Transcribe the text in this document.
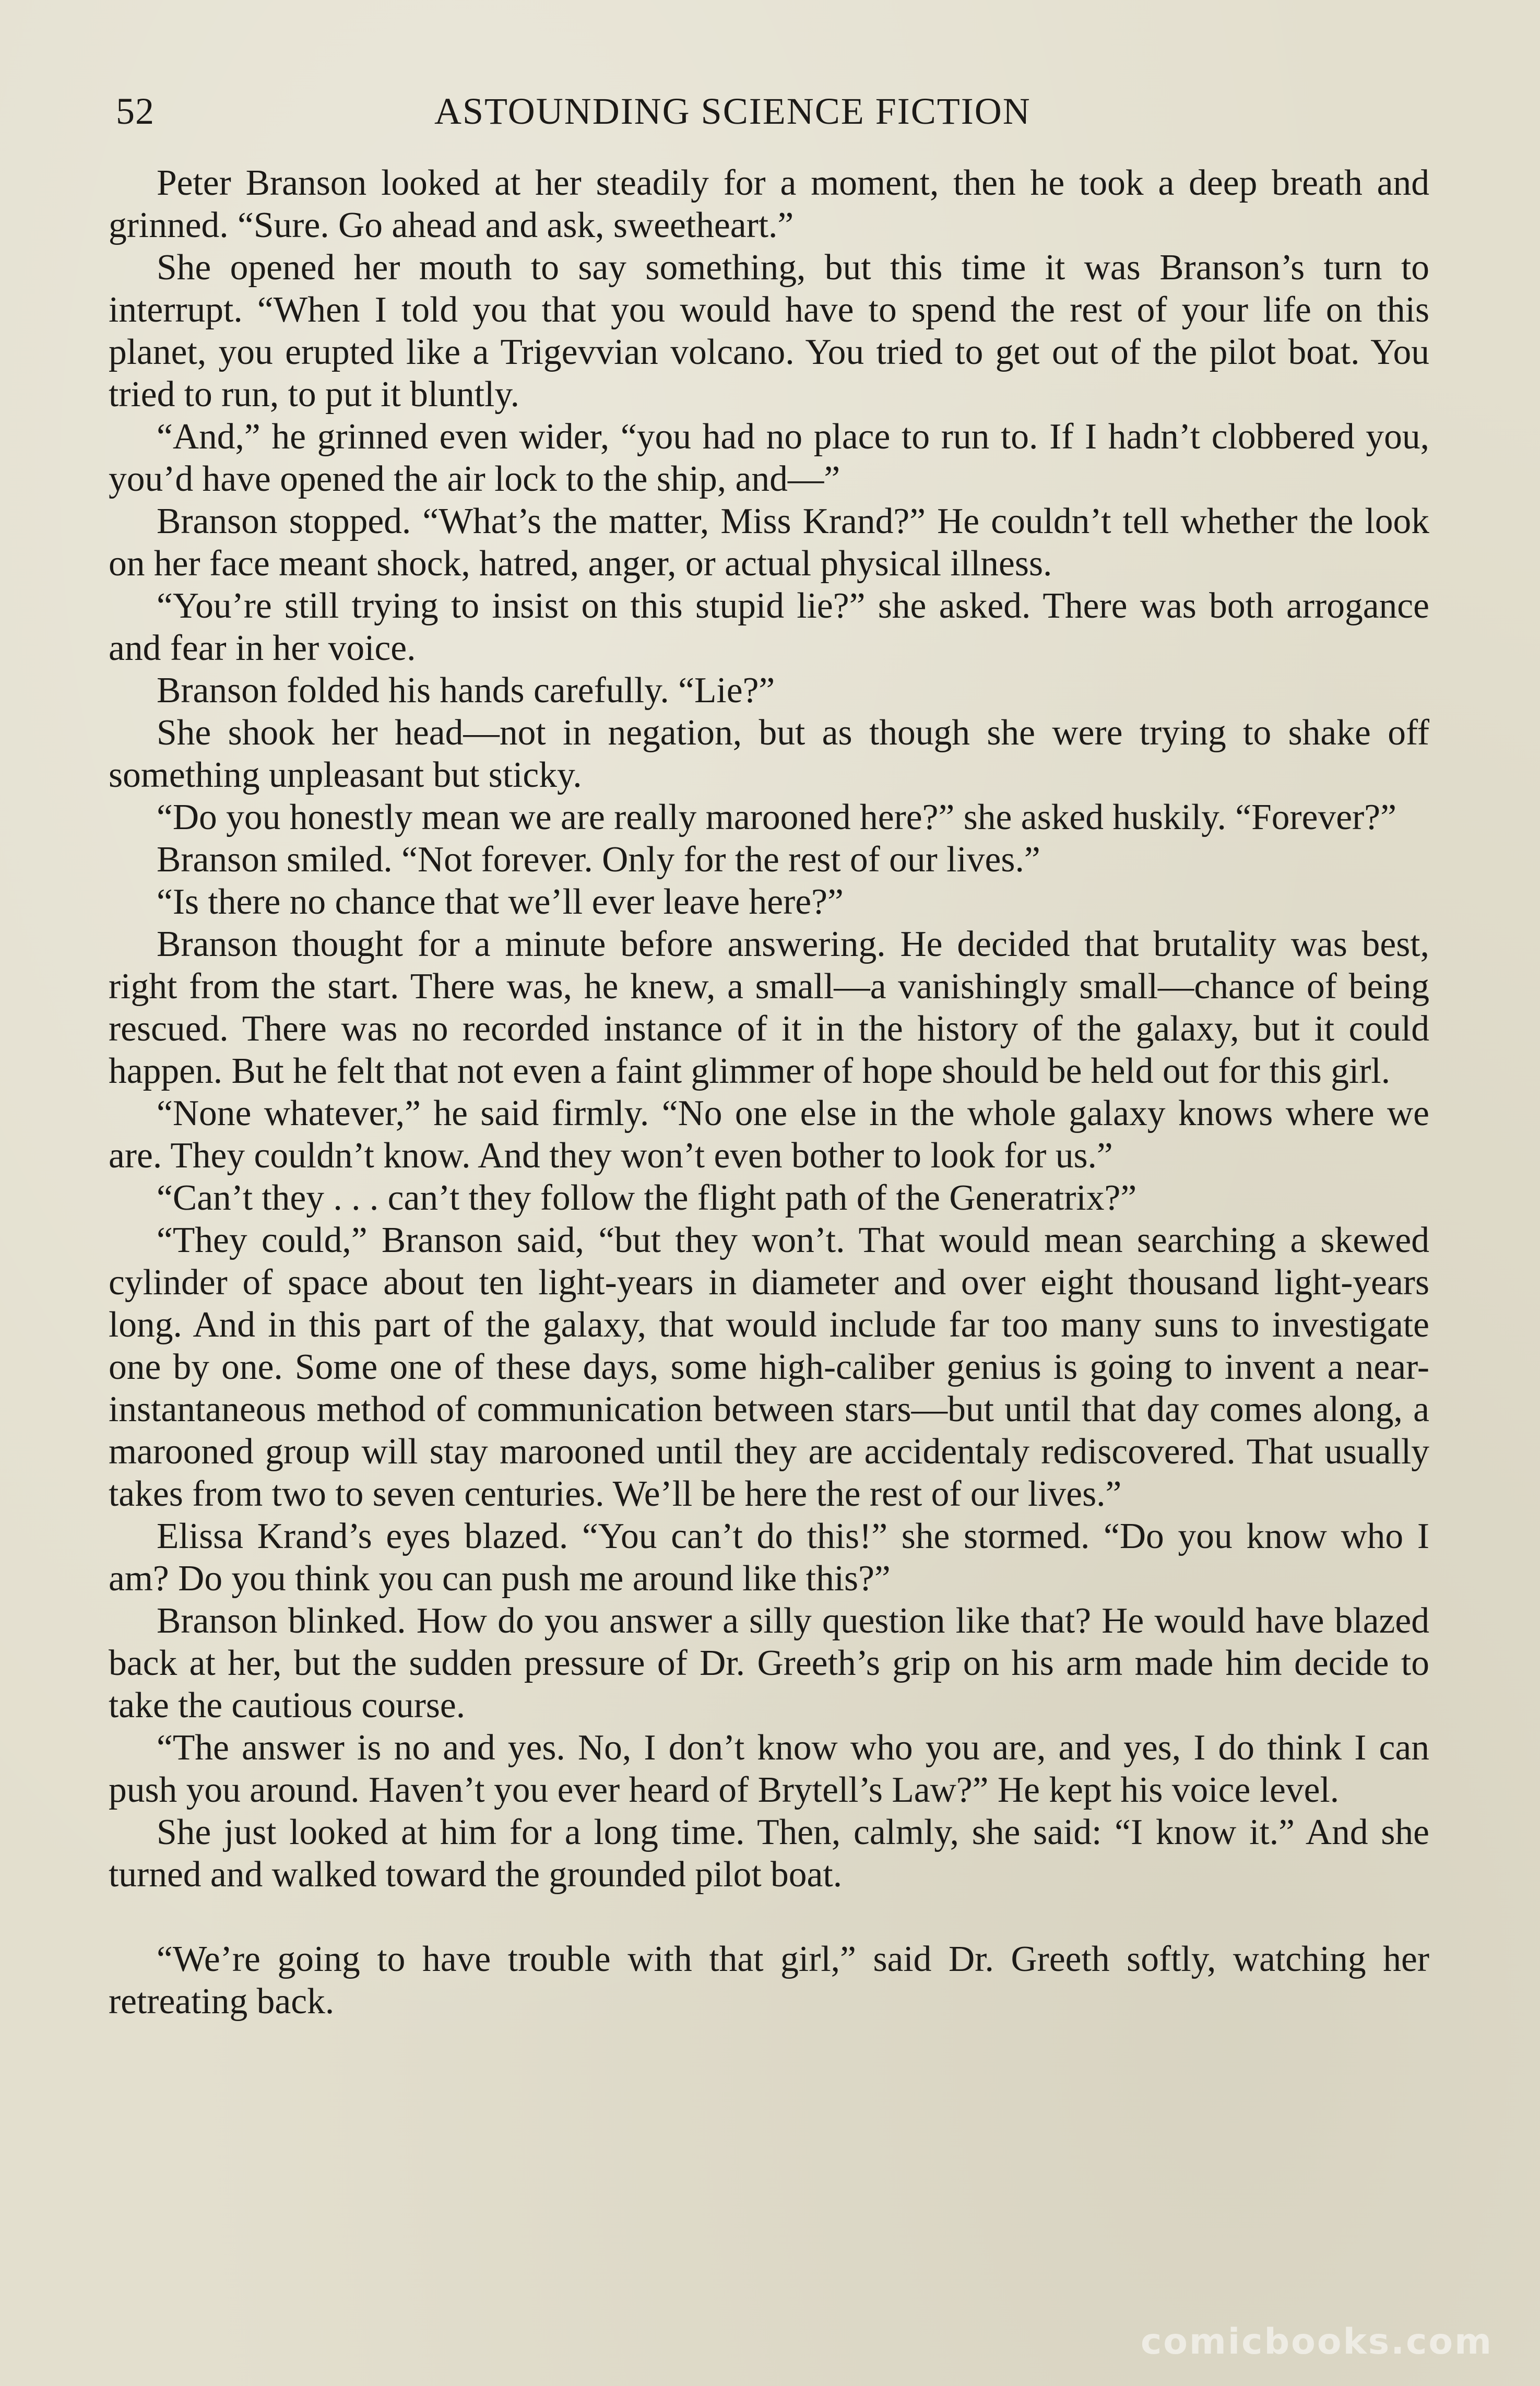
52	ASTOUNDING SCIENCE FICTION

Peter Branson looked at her steadily for a moment, then he took a deep breath and grinned. “Sure. Go ahead and ask, sweetheart.”

She opened her mouth to say something, but this time it was Branson’s turn to interrupt. “When I told you that you would have to spend the rest of your life on this planet, you erupted like a Trigevvian volcano. You tried to get out of the pilot boat. You tried to run, to put it bluntly.

“And,” he grinned even wider, “you had no place to run to. If I hadn’t clobbered you, you’d have opened the air lock to the ship, and—”

Branson stopped. “What’s the matter, Miss Krand?” He couldn’t tell whether the look on her face meant shock, hatred, anger, or actual physical illness.

“You’re still trying to insist on this stupid lie?” she asked. There was both arrogance and fear in her voice.

Branson folded his hands carefully. “Lie?”

She shook her head—not in negation, but as though she were trying to shake off something unpleasant but sticky.

“Do you honestly mean we are really marooned here?” she asked huskily. “Forever?”

Branson smiled. “Not forever. Only for the rest of our lives.”

“Is there no chance that we’ll ever leave here?”

Branson thought for a minute before answering. He decided that brutality was best, right from the start. There was, he knew, a small—a vanishingly small—chance of being rescued. There was no recorded instance of it in the history of the galaxy, but it could happen. But he felt that not even a faint glimmer of hope should be held out for this girl.

“None whatever,” he said firmly. “No one else in the whole galaxy knows where we are. They couldn’t know. And they won’t even bother to look for us.”

“Can’t they . . . can’t they follow the flight path of the Generatrix?”

“They could,” Branson said, “but they won’t. That would mean searching a skewed cylinder of space about ten light-years in diameter and over eight thousand light-years long. And in this part of the galaxy, that would include far too many suns to investigate one by one. Some one of these days, some high-caliber genius is going to invent a near-instantaneous method of communication between stars—but until that day comes along, a marooned group will stay marooned until they are accidentaly rediscovered. That usually takes from two to seven centuries. We’ll be here the rest of our lives.”

Elissa Krand’s eyes blazed. “You can’t do this!” she stormed. “Do you know who I am? Do you think you can push me around like this?”

Branson blinked. How do you answer a silly question like that? He would have blazed back at her, but the sudden pressure of Dr. Greeth’s grip on his arm made him decide to take the cautious course.

“The answer is no and yes. No, I don’t know who you are, and yes, I do think I can push you around. Haven’t you ever heard of Brytell’s Law?” He kept his voice level.

She just looked at him for a long time. Then, calmly, she said: “I know it.” And she turned and walked toward the grounded pilot boat.

“We’re going to have trouble with that girl,” said Dr. Greeth softly, watching her retreating back.

comicbooks.com
